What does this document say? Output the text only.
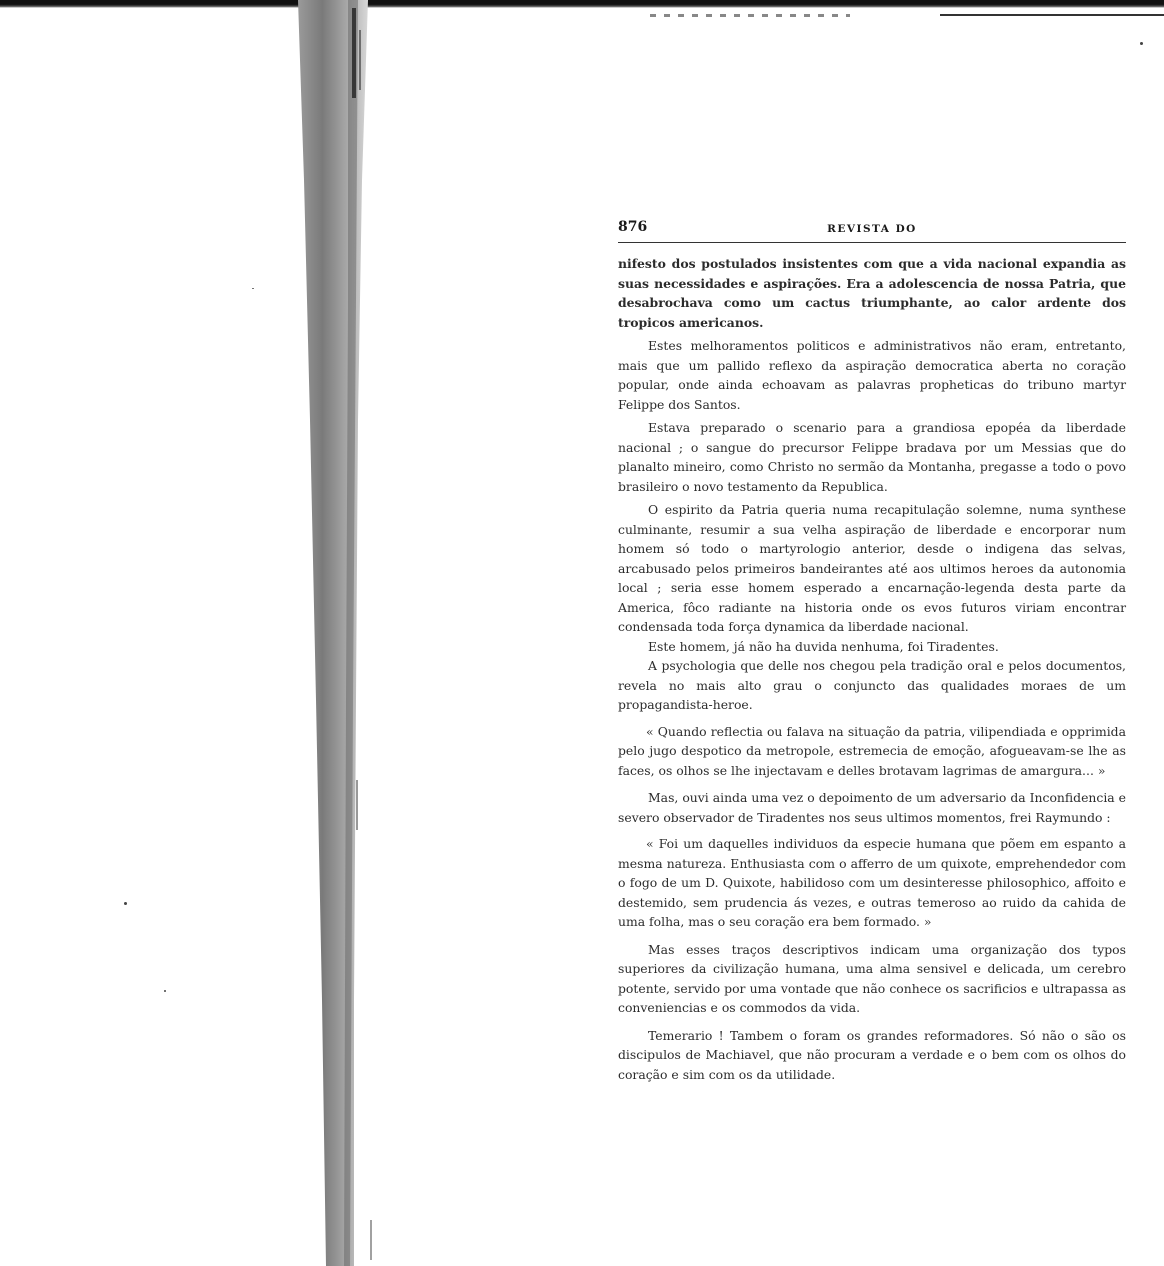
876	REVISTA DO

nifesto dos postulados insistentes com que a vida nacional expandia as suas necessidades e aspirações. Era a adolescencia de nossa Patria, que desabrochava como um cactus triumphante, ao calor ardente dos tropicos americanos.

Estes melhoramentos politicos e administrativos não eram, entretanto, mais que um pallido reflexo da aspiração democratica aberta no coração popular, onde ainda echoavam as palavras propheticas do tribuno martyr Felippe dos Santos.

Estava preparado o scenario para a grandiosa epopéa da liberdade nacional ; o sangue do precursor Felippe bradava por um Messias que do planalto mineiro, como Christo no sermão da Montanha, pregasse a todo o povo brasileiro o novo testamento da Republica.

O espirito da Patria queria numa recapitulação solemne, numa synthese culminante, resumir a sua velha aspiração de liberdade e encorporar num homem só todo o martyrologio anterior, desde o indigena das selvas, arcabusado pelos primeiros bandeirantes até aos ultimos heroes da autonomia local ; seria esse homem esperado a encarnação-legenda desta parte da America, fôco radiante na historia onde os evos futuros viriam encontrar condensada toda força dynamica da liberdade nacional.

Este homem, já não ha duvida nenhuma, foi Tiradentes.

A psychologia que delle nos chegou pela tradição oral e pelos documentos, revela no mais alto grau o conjuncto das qualidades moraes de um propagandista-heroe.

« Quando reflectia ou falava na situação da patria, vilipendiada e opprimida pelo jugo despotico da metropole, estremecia de emoção, afogueavam-se lhe as faces, os olhos se lhe injectavam e delles brotavam lagrimas de amargura... »

Mas, ouvi ainda uma vez o depoimento de um adversario da Inconfidencia e severo observador de Tiradentes nos seus ultimos momentos, frei Raymundo :

« Foi um daquelles individuos da especie humana que põem em espanto a mesma natureza. Enthusiasta com o afferro de um quixote, emprehendedor com o fogo de um D. Quixote, habilidoso com um desinteresse philosophico, affoito e destemido, sem prudencia ás vezes, e outras temeroso ao ruido da cahida de uma folha, mas o seu coração era bem formado. »

Mas esses traços descriptivos indicam uma organização dos typos superiores da civilização humana, uma alma sensivel e delicada, um cerebro potente, servido por uma vontade que não conhece os sacrificios e ultrapassa as conveniencias e os commodos da vida.

Temerario ! Tambem o foram os grandes reformadores. Só não o são os discipulos de Machiavel, que não procuram a verdade e o bem com os olhos do coração e sim com os da utilidade.
